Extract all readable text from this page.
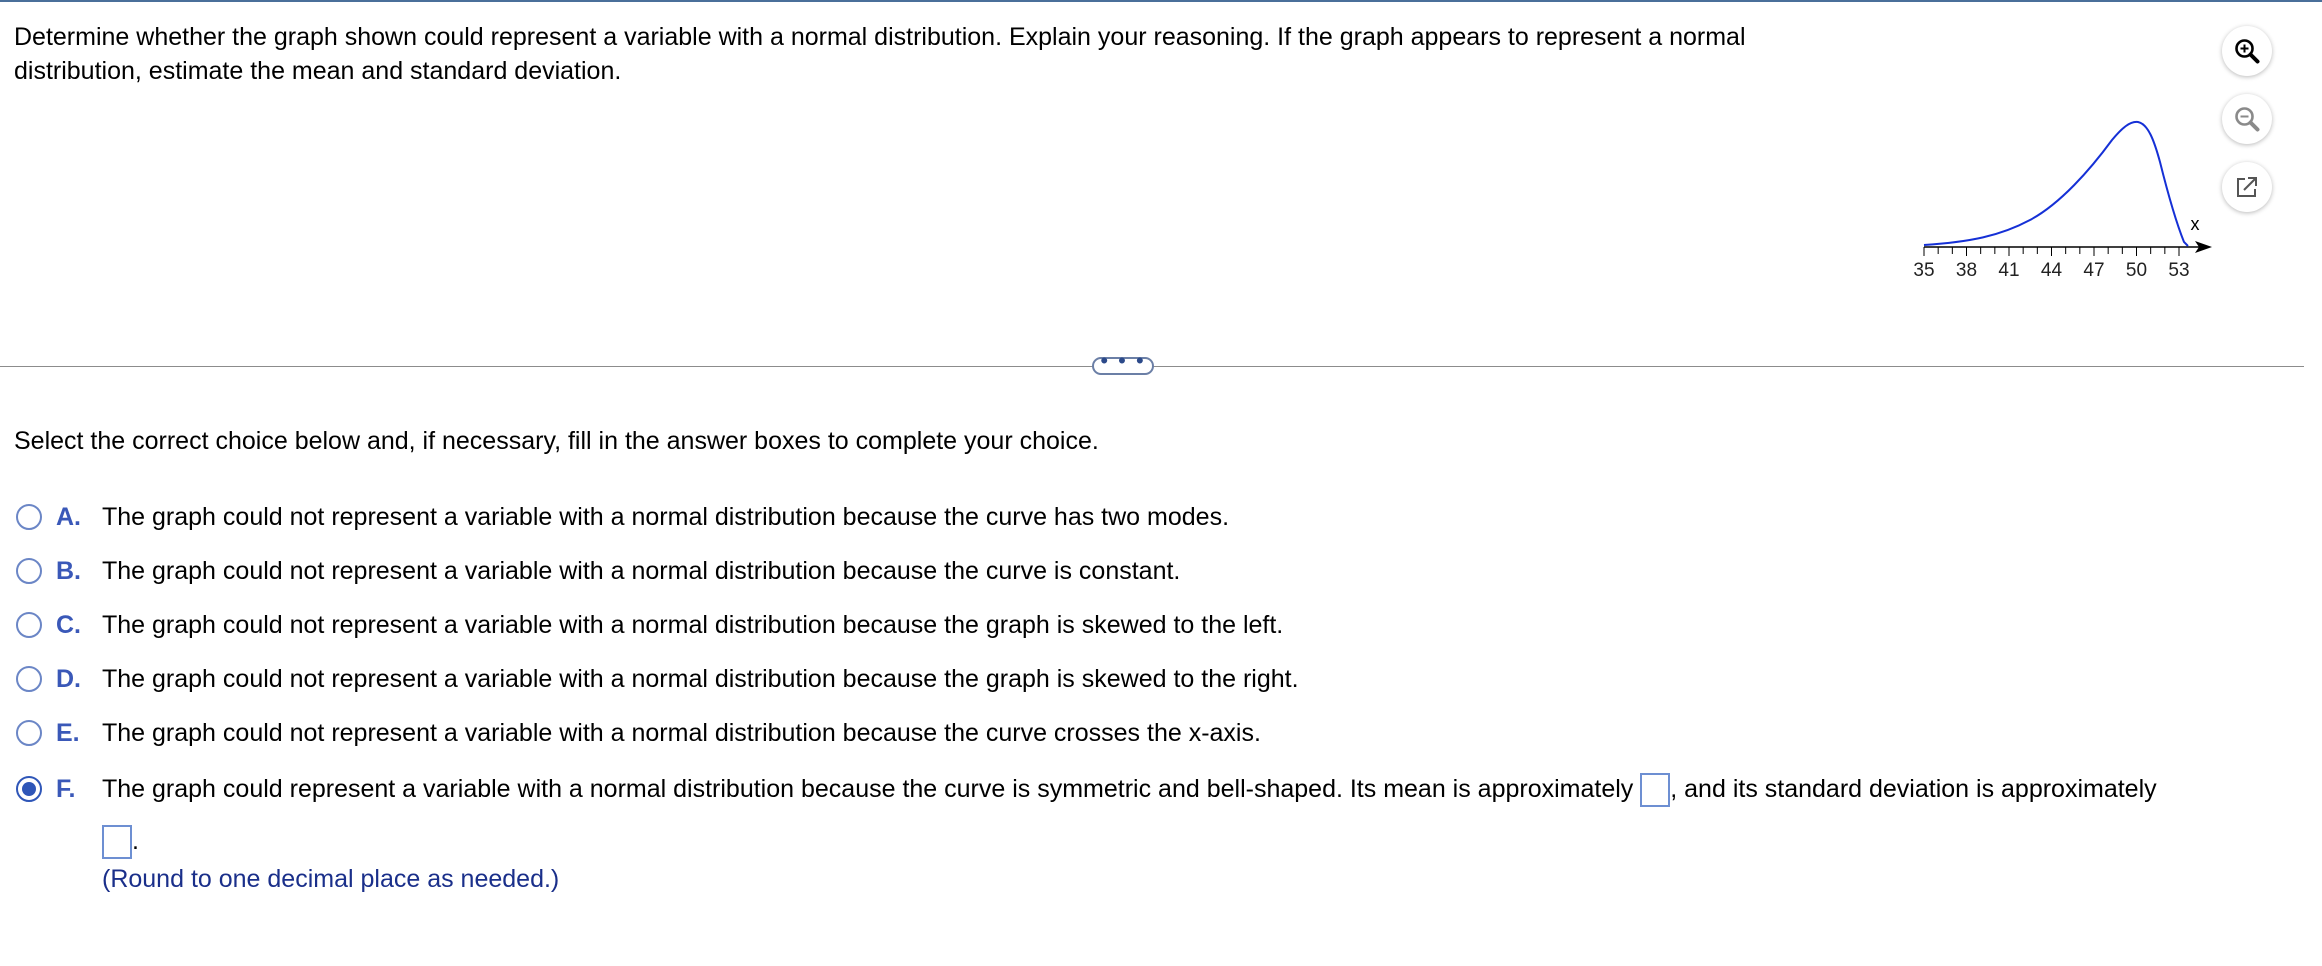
Determine whether the graph shown could represent a variable with a normal distribution. Explain your reasoning. If the graph appears to represent a normal distribution, estimate the mean and standard deviation.

x
35 38 41 44 47 50 53
• • •

Select the correct choice below and, if necessary, fill in the answer boxes to complete your choice.

A. The graph could not represent a variable with a normal distribution because the curve has two modes.
B. The graph could not represent a variable with a normal distribution because the curve is constant.
C. The graph could not represent a variable with a normal distribution because the graph is skewed to the left.
D. The graph could not represent a variable with a normal distribution because the graph is skewed to the right.
E. The graph could not represent a variable with a normal distribution because the curve crosses the x-axis.
F. The graph could represent a variable with a normal distribution because the curve is symmetric and bell-shaped. Its mean is approximately , and its standard deviation is approximately
.
(Round to one decimal place as needed.)
